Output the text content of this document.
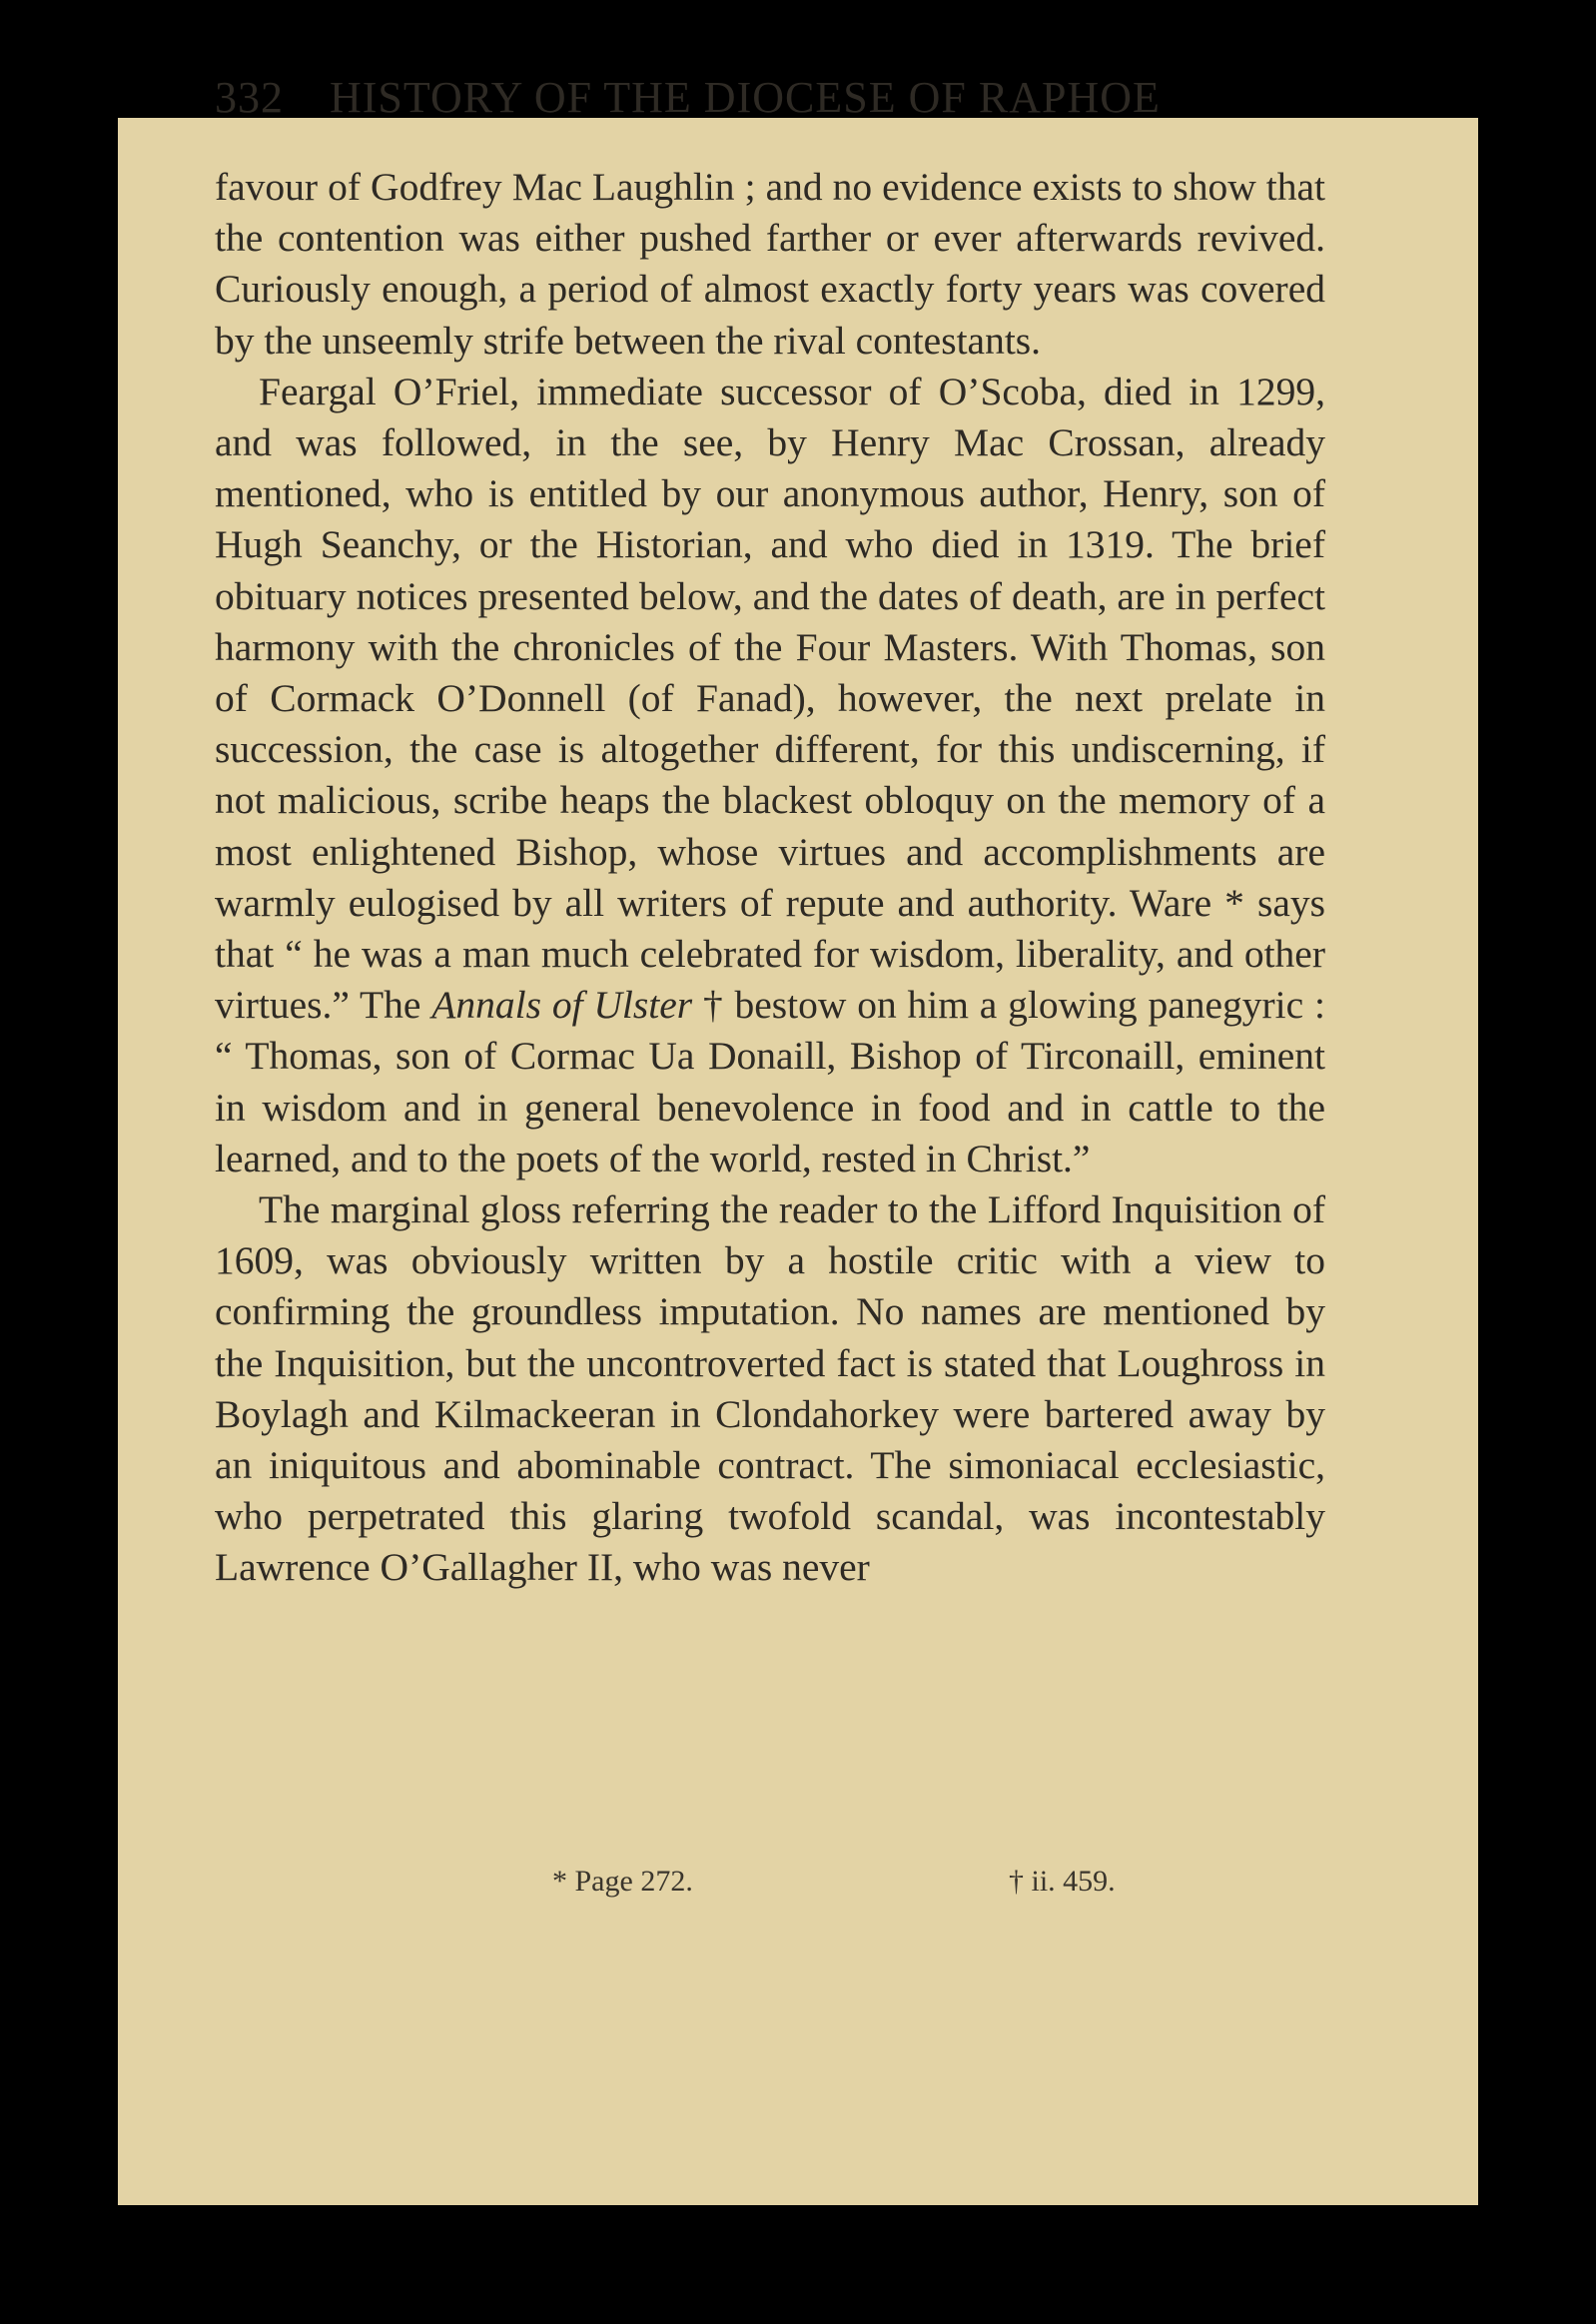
332 HISTORY OF THE DIOCESE OF RAPHOE

favour of Godfrey Mac Laughlin ; and no evidence exists to show that the contention was either pushed farther or ever afterwards revived. Curiously enough, a period of almost exactly forty years was covered by the unseemly strife between the rival contestants.

Feargal O’Friel, immediate successor of O’Scoba, died in 1299, and was followed, in the see, by Henry Mac Crossan, already mentioned, who is entitled by our anonymous author, Henry, son of Hugh Seanchy, or the Historian, and who died in 1319. The brief obituary notices presented below, and the dates of death, are in perfect harmony with the chronicles of the Four Masters. With Thomas, son of Cormack O’Donnell (of Fanad), however, the next prelate in succession, the case is altogether different, for this undiscerning, if not malicious, scribe heaps the blackest obloquy on the memory of a most enlightened Bishop, whose virtues and accomplishments are warmly eulogised by all writers of repute and authority. Ware * says that “ he was a man much celebrated for wisdom, liberality, and other virtues.” The Annals of Ulster † bestow on him a glowing panegyric : “ Thomas, son of Cormac Ua Donaill, Bishop of Tirconaill, eminent in wisdom and in general benevolence in food and in cattle to the learned, and to the poets of the world, rested in Christ.”

The marginal gloss referring the reader to the Lifford Inquisition of 1609, was obviously written by a hostile critic with a view to confirming the groundless imputation. No names are mentioned by the Inquisition, but the uncontroverted fact is stated that Loughross in Boylagh and Kilmackeeran in Clondahorkey were bartered away by an iniquitous and abominable contract. The simoniacal ecclesiastic, who perpetrated this glaring twofold scandal, was incontestably Lawrence O’Gallagher II, who was never

* Page 272.	† ii. 459.
